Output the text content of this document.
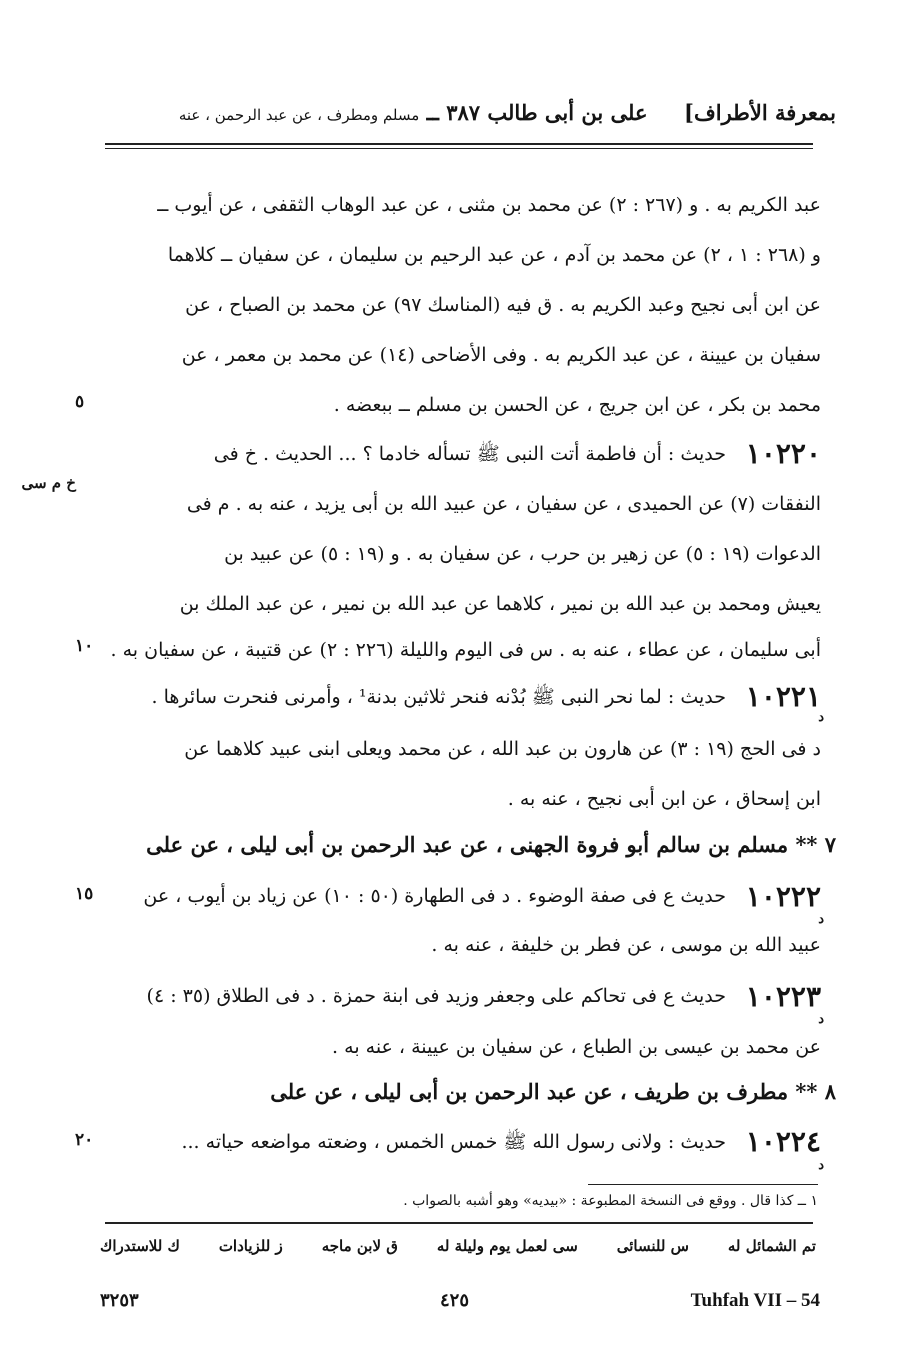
بمعرفة الأطراف]     على بن أبى طالب ٣٨٧ ــ مسلم ومطرف ، عن عبد الرحمن ، عنه
عبد الكريم به . و (٢٦٧ : ٢) عن محمد بن مثنى ، عن عبد الوهاب الثقفى ، عن أيوب ــ
و (٢٦٨ : ١ ، ٢) عن محمد بن آدم ، عن عبد الرحيم بن سليمان ، عن سفيان ــ كلاهما
عن ابن أبى نجيح وعبد الكريم به . ق فيه (المناسك ٩٧) عن محمد بن الصباح ، عن
سفيان بن عيينة ، عن عبد الكريم به . وفى الأضاحى (١٤) عن محمد بن معمر ، عن
محمد بن بكر ، عن ابن جريج ، عن الحسن بن مسلم ــ ببعضه .
٥
١٠٢٢٠
حديث : أن فاطمة أتت النبى ﷺ تسأله خادما ؟ ... الحديث . خ فى
خ م سى
النفقات (٧) عن الحميدى ، عن سفيان ، عن عبيد الله بن أبى يزيد ، عنه به . م فى
الدعوات (١٩ : ٥) عن زهير بن حرب ، عن سفيان به . و (١٩ : ٥) عن عبيد بن
يعيش ومحمد بن عبد الله بن نمير ، كلاهما عن عبد الله بن نمير ، عن عبد الملك بن
أبى سليمان ، عن عطاء ، عنه به . س فى اليوم والليلة (٢٢٦ : ٢) عن قتيبة ، عن سفيان به .
١٠
١٠٢٢١
د
حديث : لما نحر النبى ﷺ بُدْنه فنحر ثلاثين بدنة¹ ، وأمرنى فنحرت سائرها .
د فى الحج (١٩ : ٣) عن هارون بن عبد الله ، عن محمد ويعلى ابنى عبيد كلاهما عن
ابن إسحاق ، عن ابن أبى نجيح ، عنه به .
٧ ** مسلم بن سالم أبو فروة الجهنى ، عن عبد الرحمن بن أبى ليلى ، عن على
١٠٢٢٢
د
حديث ع فى صفة الوضوء . د فى الطهارة (٥٠ : ١٠) عن زياد بن أيوب ، عن
١٥
عبيد الله بن موسى ، عن فطر بن خليفة ، عنه به .
١٠٢٢٣
د
حديث ع فى تحاكم على وجعفر وزيد فى ابنة حمزة . د فى الطلاق (٣٥ : ٤)
عن محمد بن عيسى بن الطباع ، عن سفيان بن عيينة ، عنه به .
٨ ** مطرف بن طريف ، عن عبد الرحمن بن أبى ليلى ، عن على
١٠٢٢٤
د
حديث : ولانى رسول الله ﷺ خمس الخمس ، وضعته مواضعه حياته ...
٢٠
١ ــ كذا قال . ووقع فى النسخة المطبوعة : «بيديه» وهو أشبه بالصواب .
تم الشمائل له
س للنسائى
سى لعمل يوم وليلة له
ق لابن ماجه
ز للزيادات
ك للاستدراك
٣٢٥٣	٤٢٥	Tuhfah VII – 54
